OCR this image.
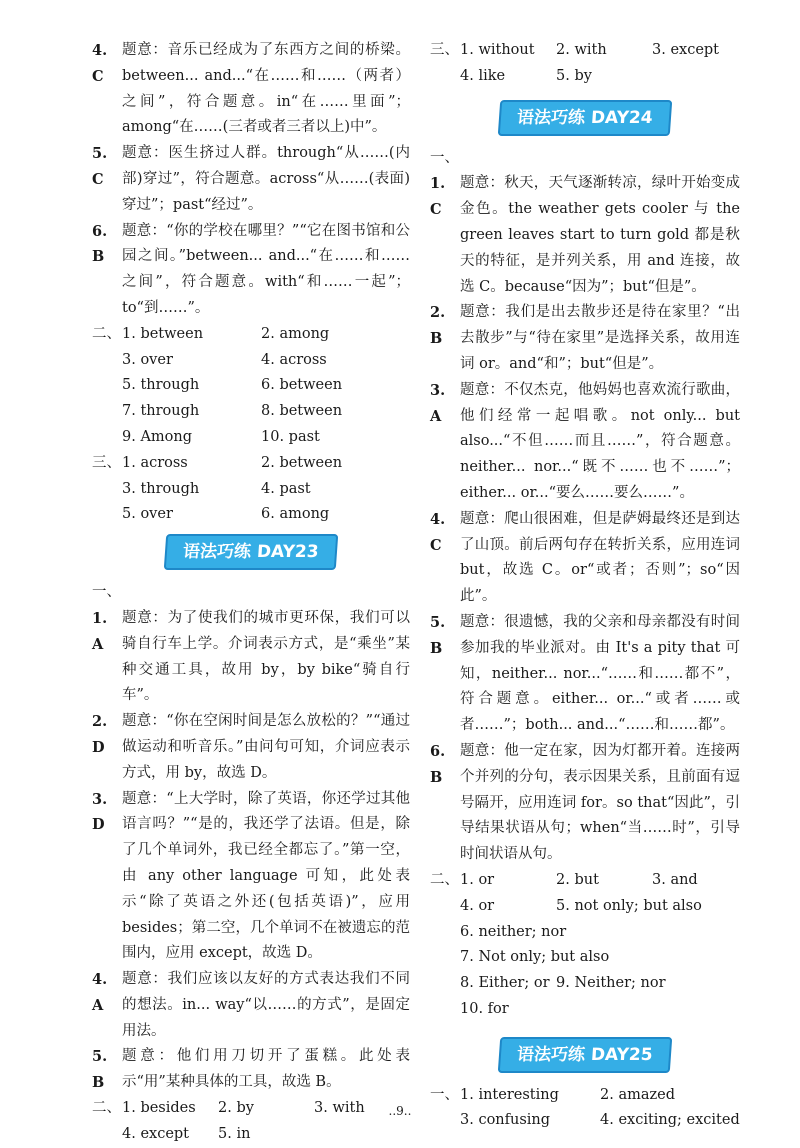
4. C
题意：音乐已经成为了东西方之间的桥梁。between... and...“在……和……（两者）之间”，符合题意。in“在……里面”；among“在……(三者或者三者以上)中”。
5. C
题意：医生挤过人群。through“从……(内部)穿过”，符合题意。across“从……(表面)穿过”；past“经过”。
6. B
题意：“你的学校在哪里？”“它在图书馆和公园之间。”between... and...“在……和……之间”，符合题意。with“和……一起”；to“到……”。
二、 1. between	2. among
3. over	4. across
5. through	6. between
7. through	8. between
9. Among	10. past
三、 1. across	2. between
3. through	4. past
5. over	6. among
语法巧练 DAY23
一、
1. A
题意：为了使我们的城市更环保，我们可以骑自行车上学。介词表示方式，是“乘坐”某种交通工具，故用 by，by bike“骑自行车”。
2. D
题意：“你在空闲时间是怎么放松的？”“通过做运动和听音乐。”由问句可知，介词应表示方式，用 by，故选 D。
3. D
题意：“上大学时，除了英语，你还学过其他语言吗？”“是的，我还学了法语。但是，除了几个单词外，我已经全都忘了。”第一空，由 any other language 可知，此处表示“除了英语之外还(包括英语)”，应用 besides；第二空，几个单词不在被遗忘的范围内，应用 except，故选 D。
4. A
题意：我们应该以友好的方式表达我们不同的想法。in... way“以……的方式”，是固定用法。
5. B
题意：他们用刀切开了蛋糕。此处表示“用”某种具体的工具，故选 B。
二、 1. besides	2. by	3. with
4. except	5. in
三、 1. without	2. with	3. except
4. like	5. by
语法巧练 DAY24
一、
1. C
题意：秋天，天气逐渐转凉，绿叶开始变成金色。the weather gets cooler 与 the green leaves start to turn gold 都是秋天的特征，是并列关系，用 and 连接，故选 C。because“因为”；but“但是”。
2. B
题意：我们是出去散步还是待在家里？“出去散步”与“待在家里”是选择关系，故用连词 or。and“和”；but“但是”。
3. A
题意：不仅杰克，他妈妈也喜欢流行歌曲，他们经常一起唱歌。not only... but also...“不但……而且……”，符合题意。neither... nor...“既不……也不……”；either... or...“要么……要么……”。
4. C
题意：爬山很困难，但是萨姆最终还是到达了山顶。前后两句存在转折关系，应用连词 but，故选 C。or“或者；否则”；so“因此”。
5. B
题意：很遗憾，我的父亲和母亲都没有时间参加我的毕业派对。由 It's a pity that 可知，neither... nor...“……和……都不”，符合题意。either... or...“或者……或者……”；both... and...“……和……都”。
6. B
题意：他一定在家，因为灯都开着。连接两个并列的分句，表示因果关系，且前面有逗号隔开，应用连词 for。so that“因此”，引导结果状语从句；when“当……时”，引导时间状语从句。
二、 1. or	2. but	3. and
4. or	5. not only; but also
6. neither; nor
7. Not only; but also
8. Either; or 9. Neither; nor
10. for
语法巧练 DAY25
一、 1. interesting	2. amazed
3. confusing	4. exciting; excited
..9..
